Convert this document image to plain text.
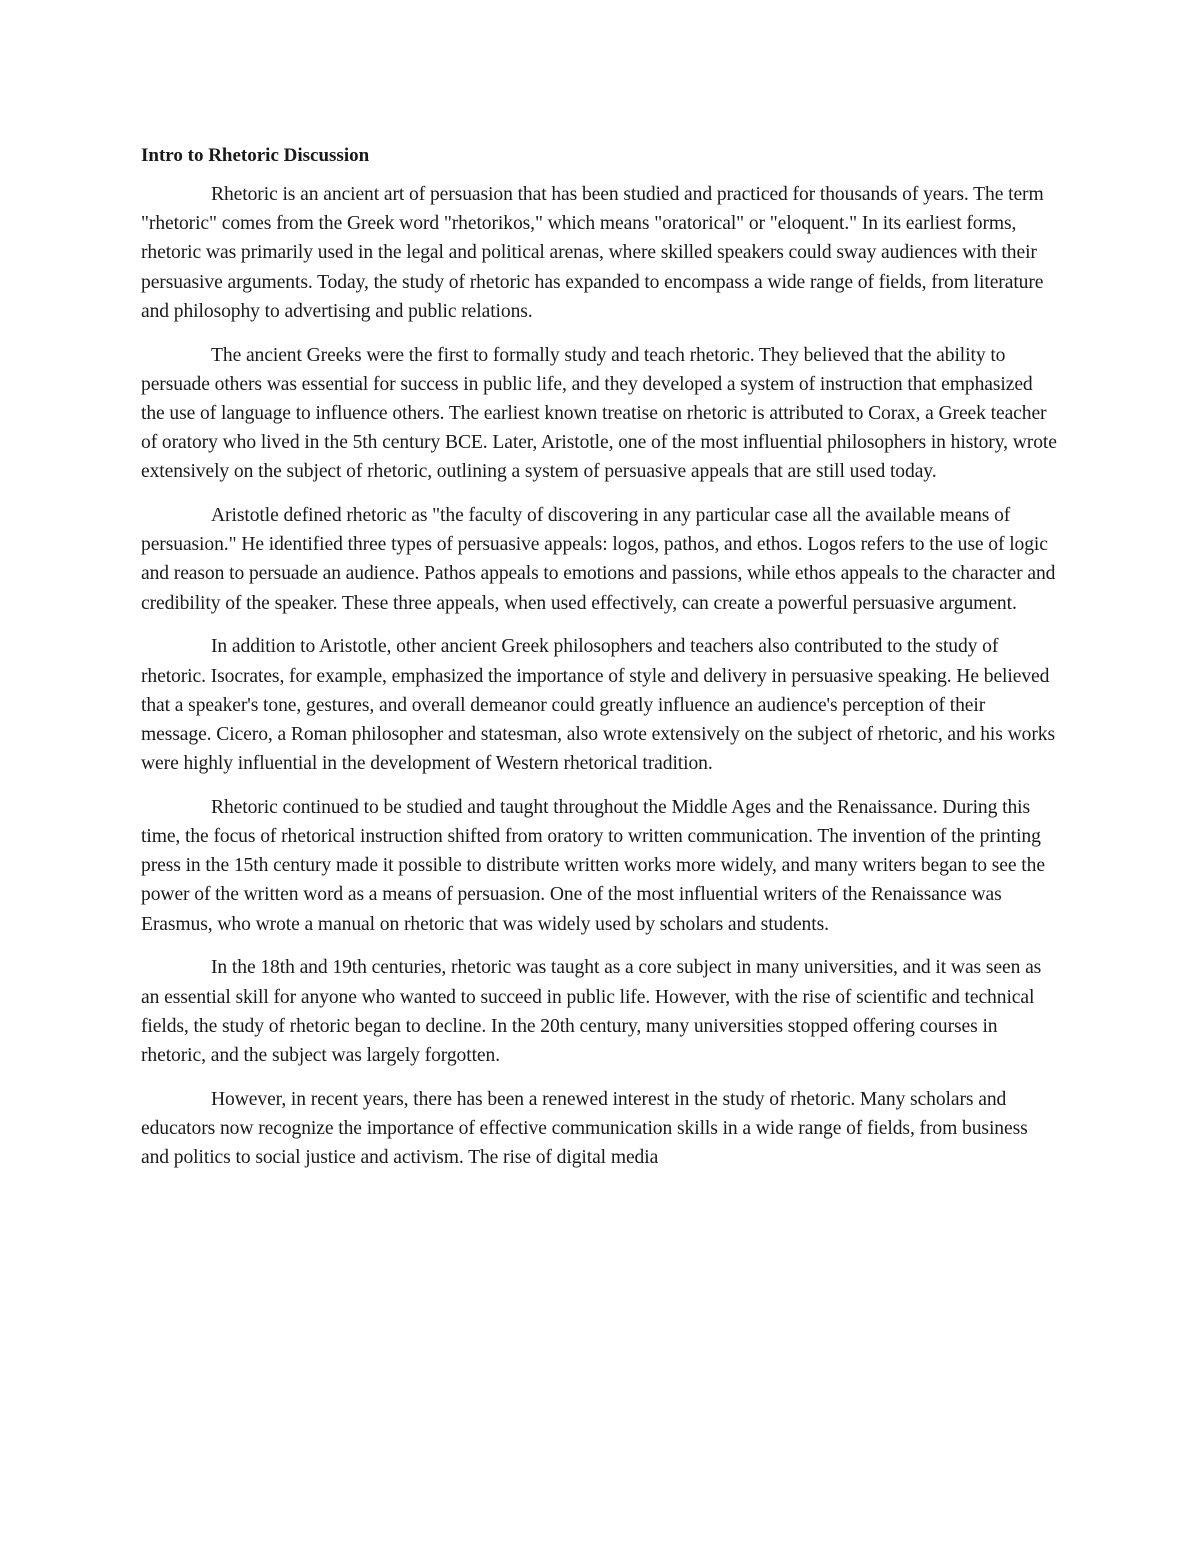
Intro to Rhetoric Discussion

Rhetoric is an ancient art of persuasion that has been studied and practiced for thousands of years. The term "rhetoric" comes from the Greek word "rhetorikos," which means "oratorical" or "eloquent." In its earliest forms, rhetoric was primarily used in the legal and political arenas, where skilled speakers could sway audiences with their persuasive arguments. Today, the study of rhetoric has expanded to encompass a wide range of fields, from literature and philosophy to advertising and public relations.

The ancient Greeks were the first to formally study and teach rhetoric. They believed that the ability to persuade others was essential for success in public life, and they developed a system of instruction that emphasized the use of language to influence others. The earliest known treatise on rhetoric is attributed to Corax, a Greek teacher of oratory who lived in the 5th century BCE. Later, Aristotle, one of the most influential philosophers in history, wrote extensively on the subject of rhetoric, outlining a system of persuasive appeals that are still used today.

Aristotle defined rhetoric as "the faculty of discovering in any particular case all the available means of persuasion." He identified three types of persuasive appeals: logos, pathos, and ethos. Logos refers to the use of logic and reason to persuade an audience. Pathos appeals to emotions and passions, while ethos appeals to the character and credibility of the speaker. These three appeals, when used effectively, can create a powerful persuasive argument.

In addition to Aristotle, other ancient Greek philosophers and teachers also contributed to the study of rhetoric. Isocrates, for example, emphasized the importance of style and delivery in persuasive speaking. He believed that a speaker's tone, gestures, and overall demeanor could greatly influence an audience's perception of their message. Cicero, a Roman philosopher and statesman, also wrote extensively on the subject of rhetoric, and his works were highly influential in the development of Western rhetorical tradition.

Rhetoric continued to be studied and taught throughout the Middle Ages and the Renaissance. During this time, the focus of rhetorical instruction shifted from oratory to written communication. The invention of the printing press in the 15th century made it possible to distribute written works more widely, and many writers began to see the power of the written word as a means of persuasion. One of the most influential writers of the Renaissance was Erasmus, who wrote a manual on rhetoric that was widely used by scholars and students.

In the 18th and 19th centuries, rhetoric was taught as a core subject in many universities, and it was seen as an essential skill for anyone who wanted to succeed in public life. However, with the rise of scientific and technical fields, the study of rhetoric began to decline. In the 20th century, many universities stopped offering courses in rhetoric, and the subject was largely forgotten.

However, in recent years, there has been a renewed interest in the study of rhetoric. Many scholars and educators now recognize the importance of effective communication skills in a wide range of fields, from business and politics to social justice and activism. The rise of digital media
